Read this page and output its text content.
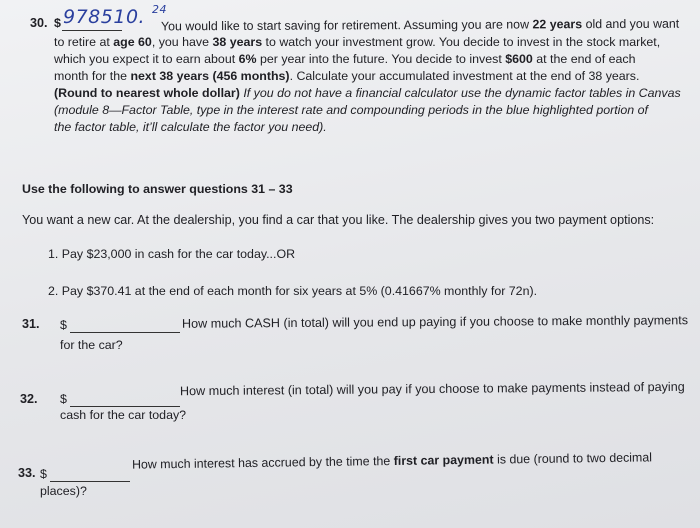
30. $ 978510. 24
You would like to start saving for retirement. Assuming you are now 22 years old and you want
to retire at age 60, you have 38 years to watch your investment grow. You decide to invest in the stock market,
which you expect it to earn about 6% per year into the future. You decide to invest $600 at the end of each
month for the next 38 years (456 months). Calculate your accumulated investment at the end of 38 years.
(Round to nearest whole dollar) If you do not have a financial calculator use the dynamic factor tables in Canvas
(module 8—Factor Table, type in the interest rate and compounding periods in the blue highlighted portion of
the factor table, it’ll calculate the factor you need).
Use the following to answer questions 31 – 33
You want a new car. At the dealership, you find a car that you like. The dealership gives you two payment options:
1. Pay $23,000 in cash for the car today...OR
2. Pay $370.41 at the end of each month for six years at 5% (0.41667% monthly for 72n).
31. $	How much CASH (in total) will you end up paying if you choose to make monthly payments
for the car?
32. $
How much interest (in total) will you pay if you choose to make payments instead of paying
cash for the car today?
33. $
How much interest has accrued by the time the first car payment is due (round to two decimal
places)?
